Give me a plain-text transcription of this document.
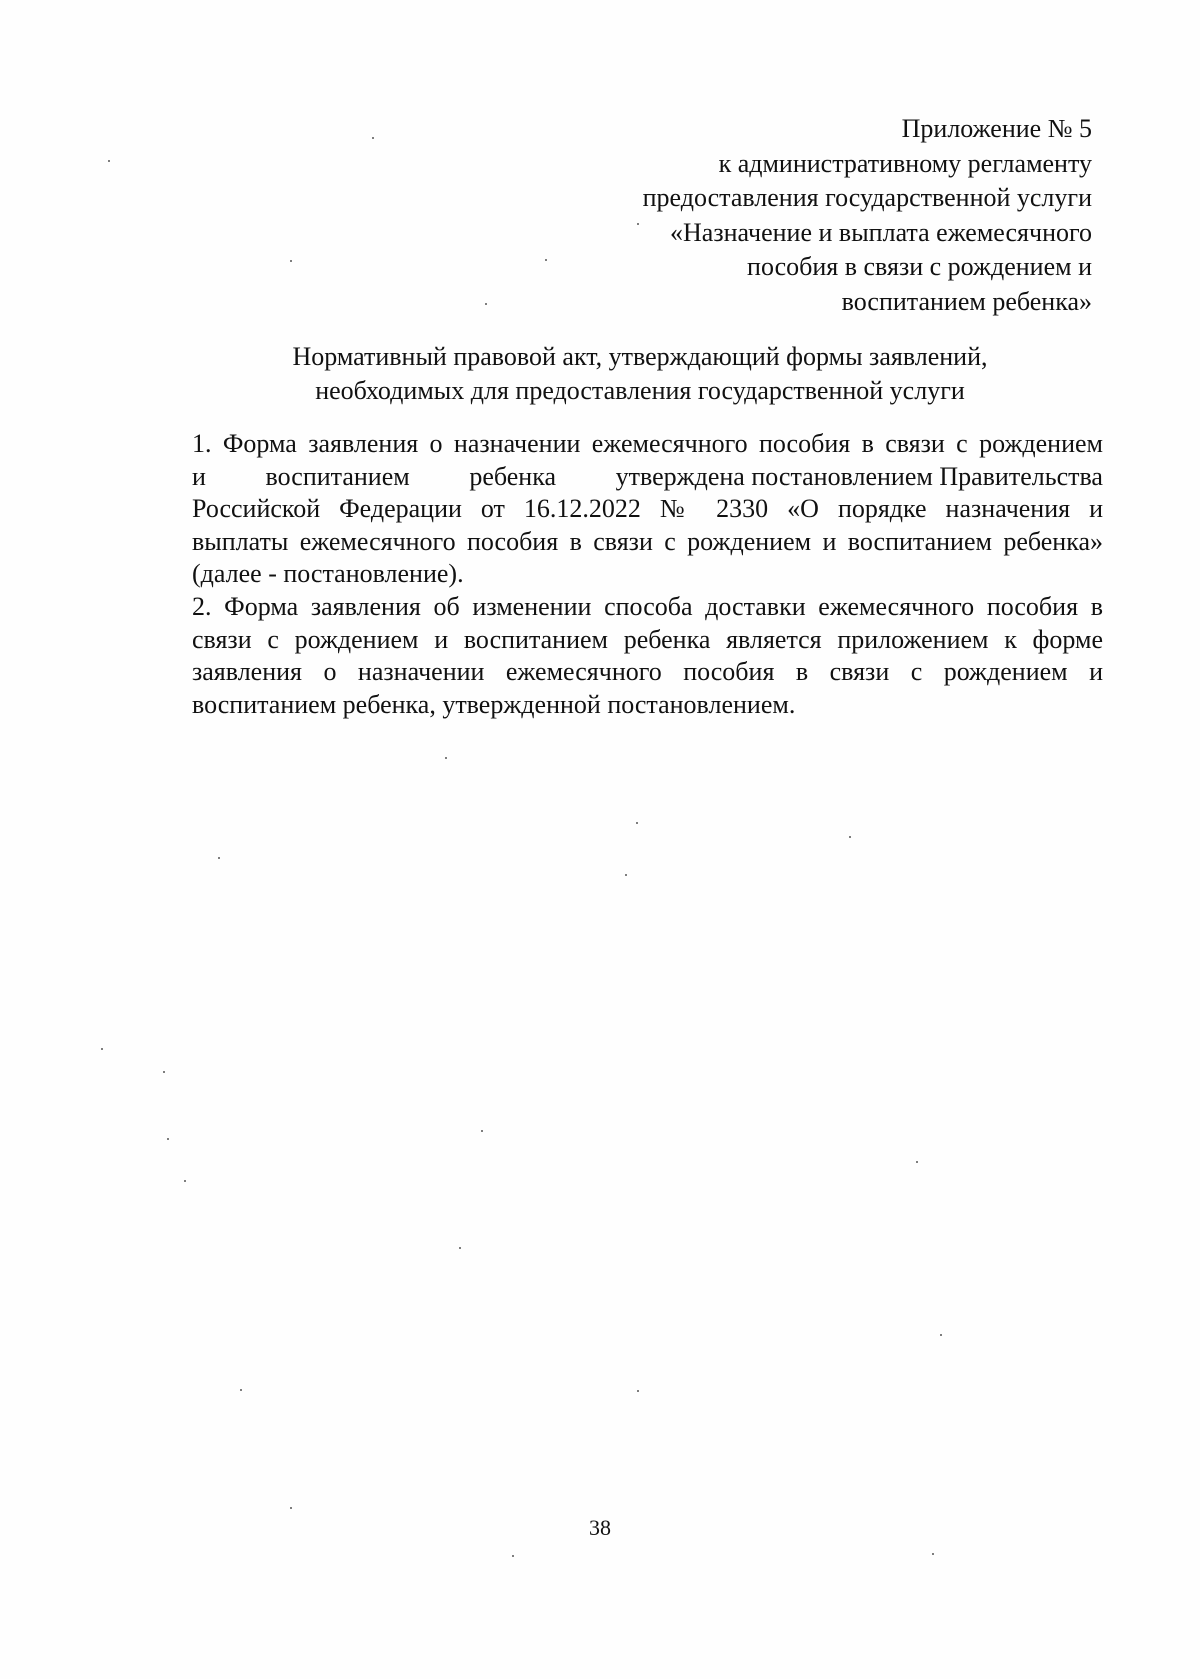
Приложение № 5
к административному регламенту
предоставления государственной услуги
«Назначение и выплата ежемесячного
пособия в связи с рождением и
воспитанием ребенка»
Нормативный правовой акт, утверждающий формы заявлений,
необходимых для предоставления государственной услуги
1. Форма заявления о назначении ежемесячного пособия в связи с рождением
и воспитанием ребенка утверждена постановлением Правительства
Российской Федерации от 16.12.2022 № 2330 «О порядке назначения и
выплаты ежемесячного пособия в связи с рождением и воспитанием ребенка»
(далее - постановление).
2. Форма заявления об изменении способа доставки ежемесячного пособия в
связи с рождением и воспитанием ребенка является приложением к форме
заявления о назначении ежемесячного пособия в связи с рождением и
воспитанием ребенка, утвержденной постановлением.
38
